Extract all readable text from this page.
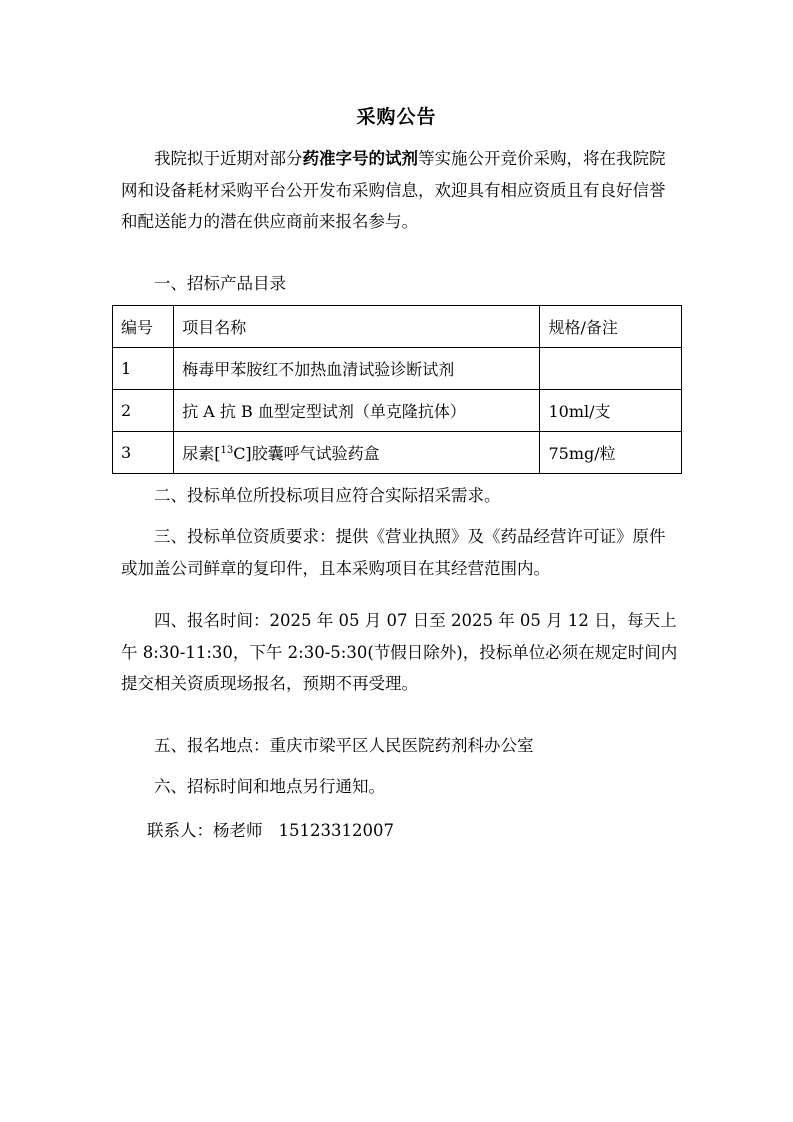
采购公告

我院拟于近期对部分药准字号的试剂等实施公开竞价采购，将在我院院网和设备耗材采购平台公开发布采购信息，欢迎具有相应资质且有良好信誉和配送能力的潜在供应商前来报名参与。

一、招标产品目录

编号	项目名称	规格/备注
1	梅毒甲苯胺红不加热血清试验诊断试剂	
2	抗 A 抗 B 血型定型试剂（单克隆抗体）	10ml/支
3	尿素[$^{13}$C]胶囊呼气试验药盒	75mg/粒

二、投标单位所投标项目应符合实际招采需求。

三、投标单位资质要求：提供《营业执照》及《药品经营许可证》原件或加盖公司鲜章的复印件，且本采购项目在其经营范围内。

四、报名时间：2025 年 05 月 07 日至 2025 年 05 月 12 日，每天上午 8:30-11:30，下午 2:30-5:30(节假日除外)，投标单位必须在规定时间内提交相关资质现场报名，预期不再受理。

五、报名地点：重庆市梁平区人民医院药剂科办公室

六、招标时间和地点另行通知。

联系人：杨老师 15123312007
